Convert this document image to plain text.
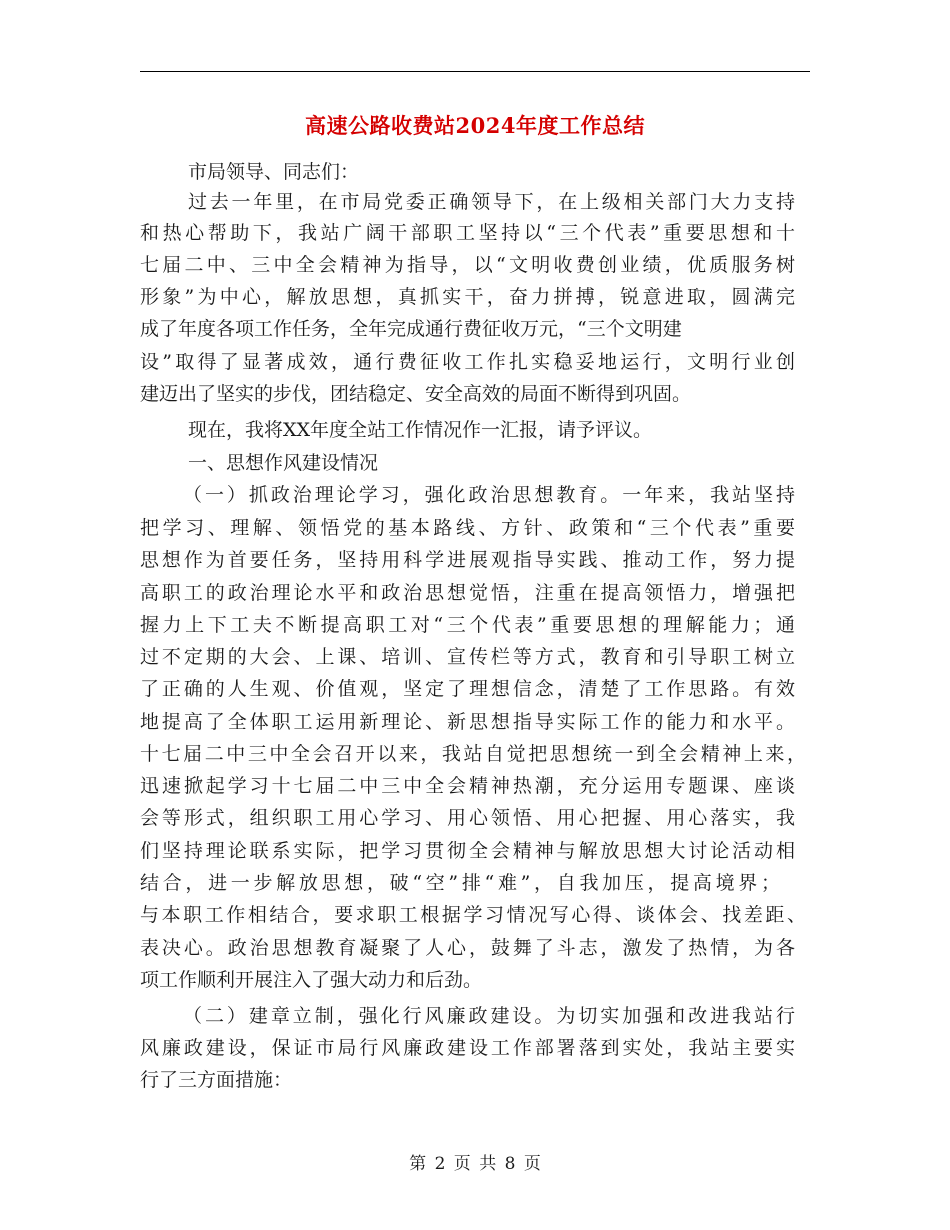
高速公路收费站2024年度工作总结
市局领导、同志们：
过去一年里，在市局党委正确领导下，在上级相关部门大力支持
和热心帮助下，我站广阔干部职工坚持以“三个代表”重要思想和十
七届二中、三中全会精神为指导，以“文明收费创业绩，优质服务树
形象”为中心，解放思想，真抓实干，奋力拼搏，锐意进取，圆满完
成了年度各项工作任务，全年完成通行费征收万元，“三个文明建
设”取得了显著成效，通行费征收工作扎实稳妥地运行，文明行业创
建迈出了坚实的步伐，团结稳定、安全高效的局面不断得到巩固。
现在，我将XX年度全站工作情况作一汇报，请予评议。
一、思想作风建设情况
（一）抓政治理论学习，强化政治思想教育。一年来，我站坚持
把学习、理解、领悟党的基本路线、方针、政策和“三个代表”重要
思想作为首要任务，坚持用科学进展观指导实践、推动工作，努力提
高职工的政治理论水平和政治思想觉悟，注重在提高领悟力，增强把
握力上下工夫不断提高职工对“三个代表”重要思想的理解能力；通
过不定期的大会、上课、培训、宣传栏等方式，教育和引导职工树立
了正确的人生观、价值观，坚定了理想信念，清楚了工作思路。有效
地提高了全体职工运用新理论、新思想指导实际工作的能力和水平。
十七届二中三中全会召开以来，我站自觉把思想统一到全会精神上来，
迅速掀起学习十七届二中三中全会精神热潮，充分运用专题课、座谈
会等形式，组织职工用心学习、用心领悟、用心把握、用心落实，我
们坚持理论联系实际，把学习贯彻全会精神与解放思想大讨论活动相
结合，进一步解放思想，破“空”排“难”，自我加压，提高境界；
与本职工作相结合，要求职工根据学习情况写心得、谈体会、找差距、
表决心。政治思想教育凝聚了人心，鼓舞了斗志，激发了热情，为各
项工作顺利开展注入了强大动力和后劲。
（二）建章立制，强化行风廉政建设。为切实加强和改进我站行
风廉政建设，保证市局行风廉政建设工作部署落到实处，我站主要实
行了三方面措施：
第 2 页 共 8 页
